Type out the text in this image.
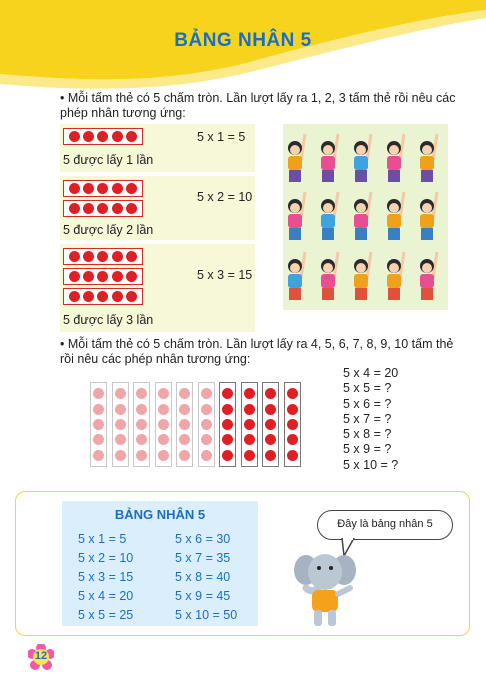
BẢNG NHÂN 5
• Mỗi tấm thẻ có 5 chấm tròn. Lần lượt lấy ra 1, 2, 3 tấm thẻ rồi nêu các phép nhân tương ứng:
5 x 1 = 5
5 được lấy 1 lần
5 x 2 = 10
5 được lấy 2 lần
5 x 3 = 15
5 được lấy 3 lần
• Mỗi tấm thẻ có 5 chấm tròn. Lần lượt lấy ra 4, 5, 6, 7, 8, 9, 10 tấm thẻ rồi nêu các phép nhân tương ứng:
5 x 4 = 20
5 x 5 = ?
5 x 6 = ?
5 x 7 = ?
5 x 8 = ?
5 x 9 = ?
5 x 10 = ?
BẢNG NHÂN 5
5 x 1 = 5
5 x 2 = 10
5 x 3 = 15
5 x 4 = 20
5 x 5 = 25
5 x 6 = 30
5 x 7 = 35
5 x 8 = 40
5 x 9 = 45
5 x 10 = 50
Đây là bảng nhân 5
12
